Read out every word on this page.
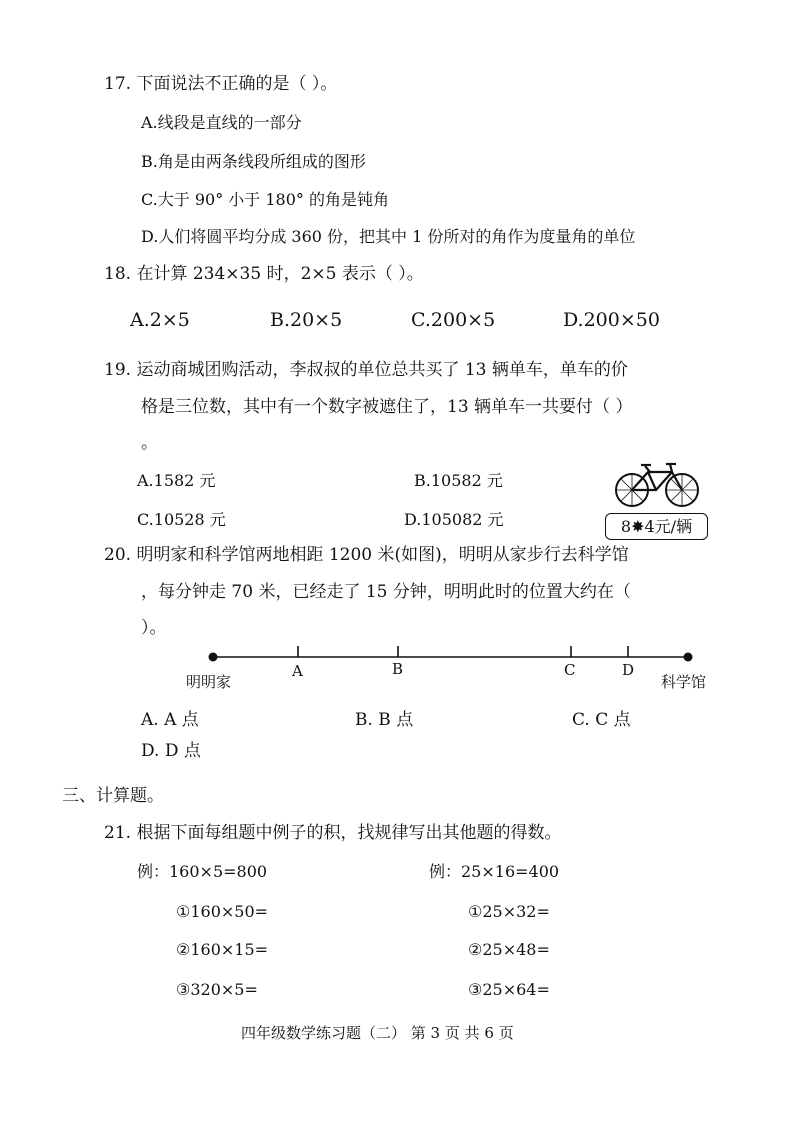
17. 下面说法不正确的是（ ）。
A.线段是直线的一部分
B.角是由两条线段所组成的图形
C.大于 90° 小于 180° 的角是钝角
D.人们将圆平均分成 360 份，把其中 1 份所对的角作为度量角的单位
18. 在计算 234×35 时，2×5 表示（ ）。
A.2×5	B.20×5	C.200×5	D.200×50
19. 运动商城团购活动，李叔叔的单位总共买了 13 辆单车，单车的价
格是三位数，其中有一个数字被遮住了，13 辆单车一共要付（ ）
。
A.1582 元	B.10582 元
C.10528 元	D.105082 元	8✸4元/辆
20. 明明家和科学馆两地相距 1200 米(如图)，明明从家步行去科学馆
，每分钟走 70 米，已经走了 15 分钟，明明此时的位置大约在（
）。
明明家	科学馆
A	B	C	D
A. A 点	B. B 点	C. C 点
D. D 点
三、计算题。
21. 根据下面每组题中例子的积，找规律写出其他题的得数。
例：160×5=800
①160×50=
②160×15=
③320×5=
例：25×16=400
①25×32=
②25×48=
③25×64=
四年级数学练习题（二） 第 3 页 共 6 页
